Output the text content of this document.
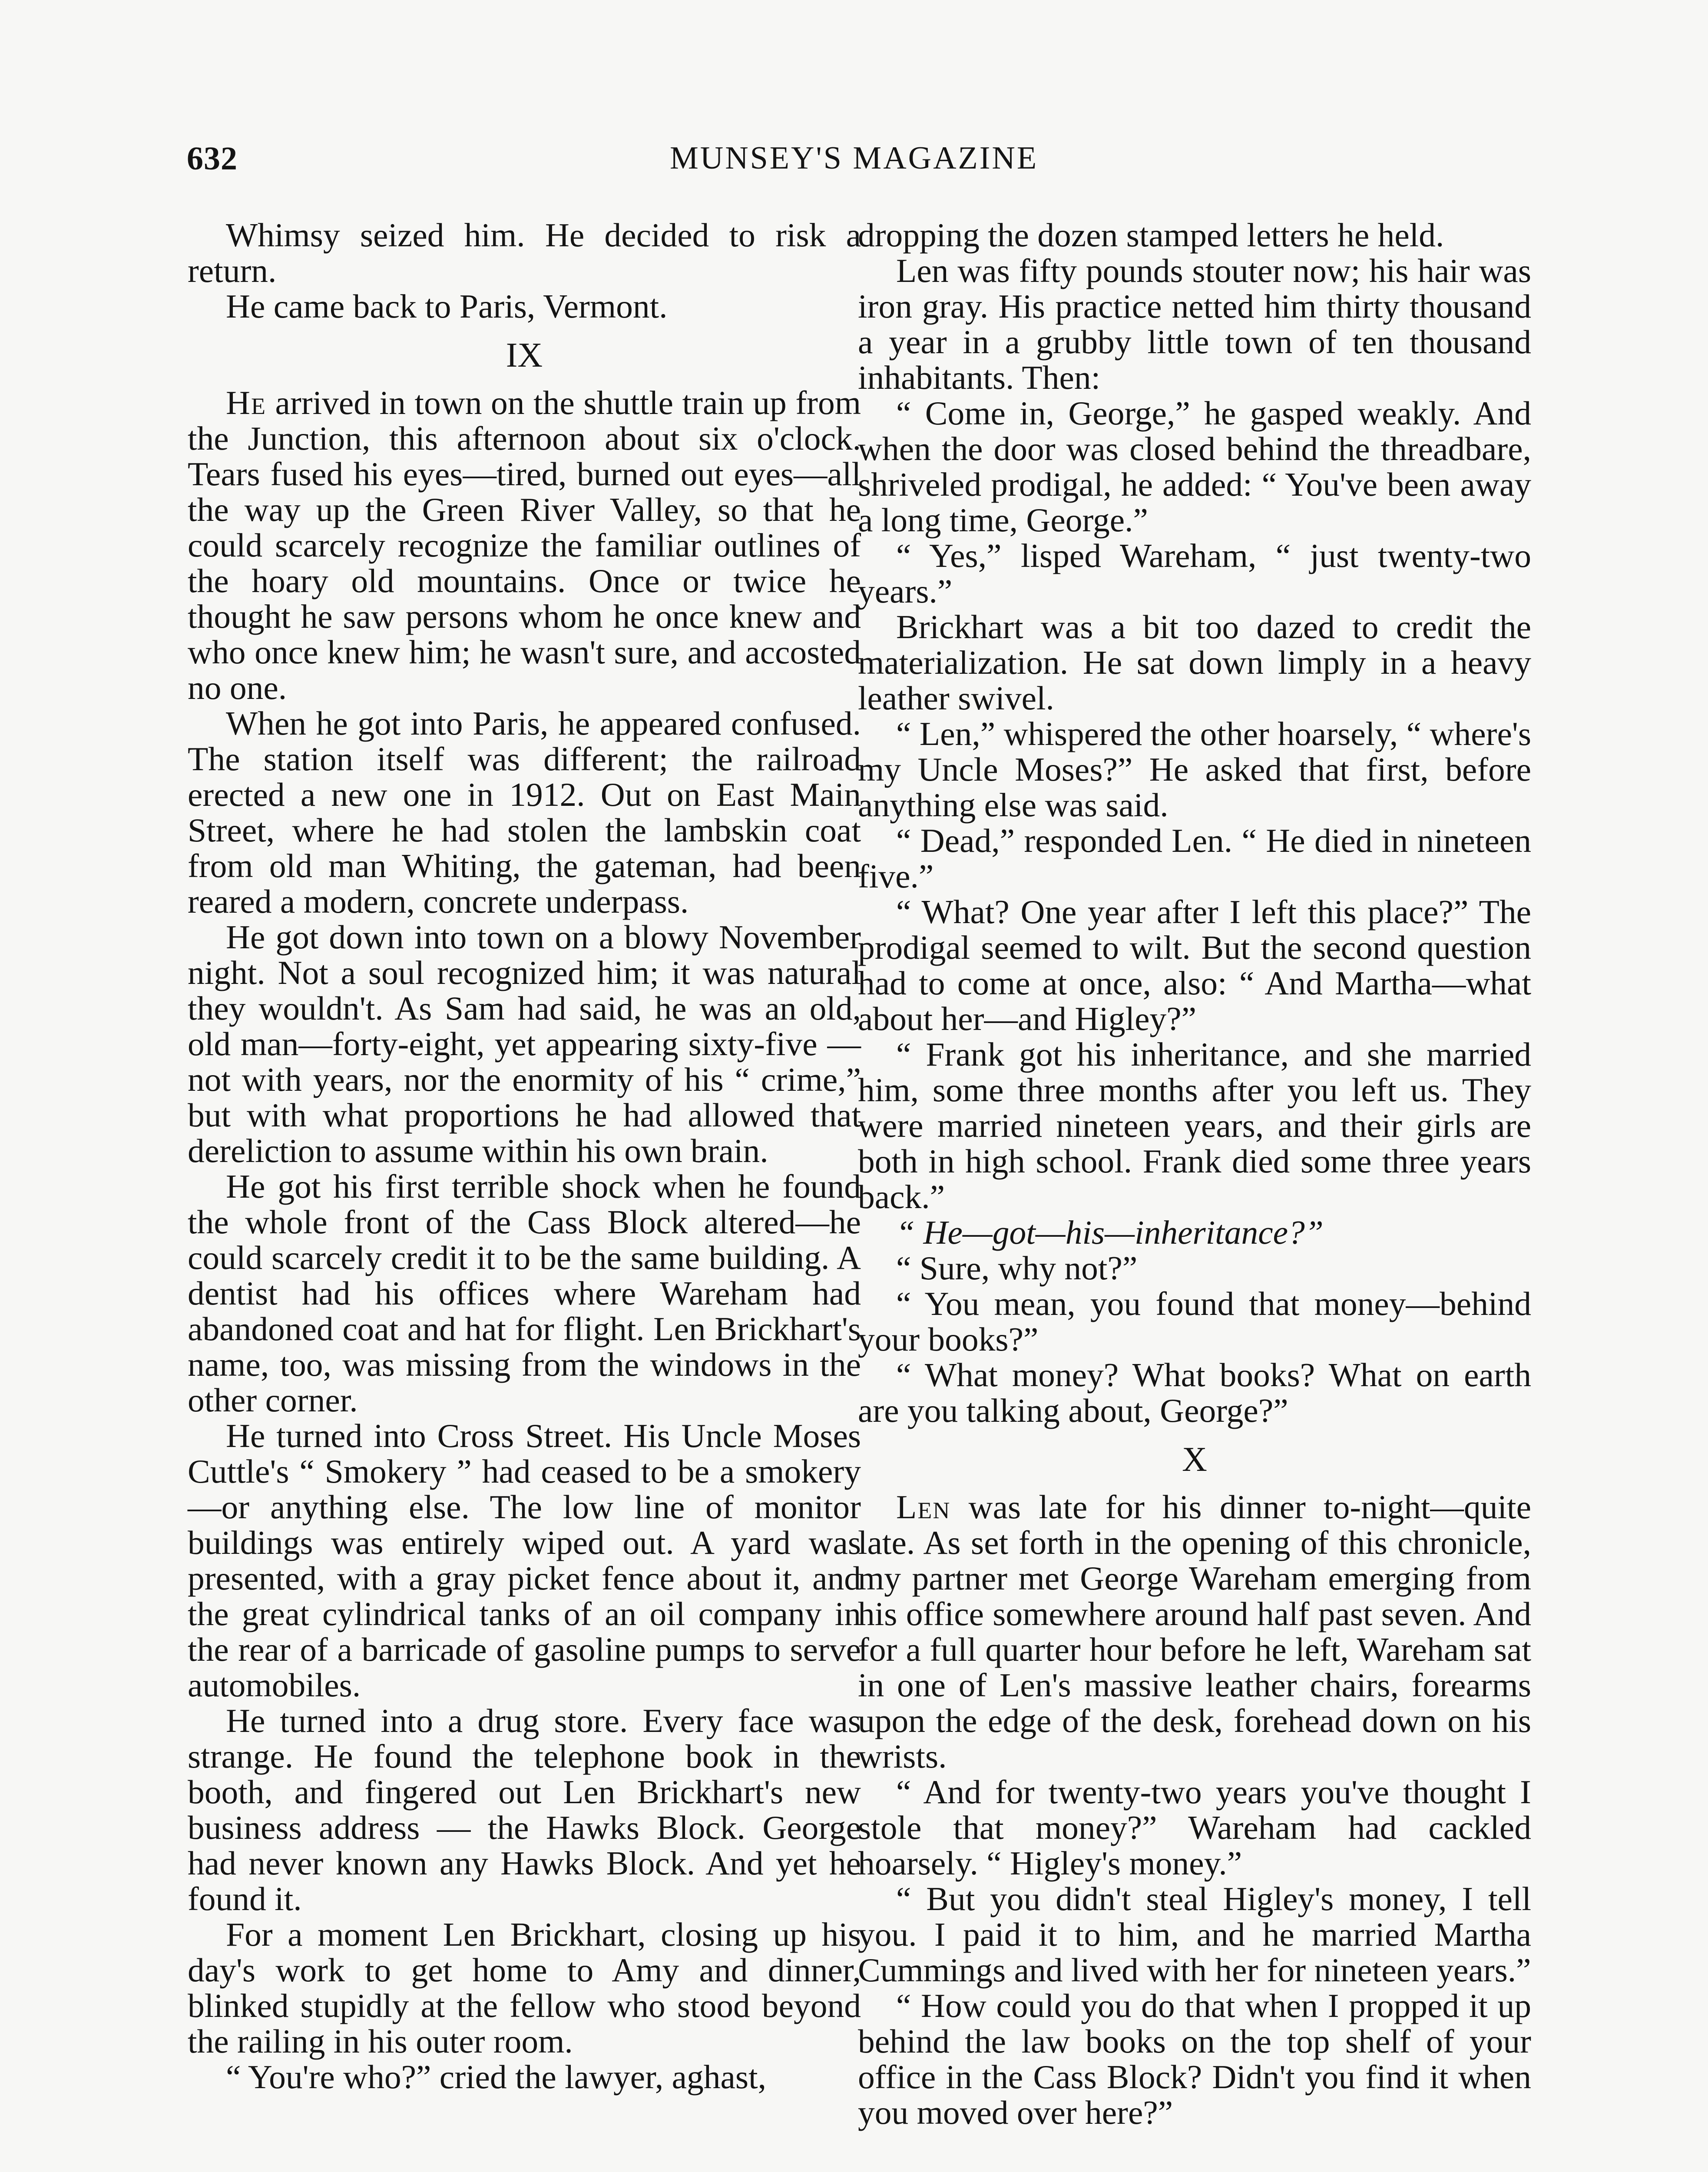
632	MUNSEY'S MAGAZINE

Whimsy seized him. He decided to risk a return.

He came back to Paris, Vermont.

IX

He arrived in town on the shuttle train up from the Junction, this afternoon about six o'clock. Tears fused his eyes—tired, burned out eyes—all the way up the Green River Valley, so that he could scarcely recognize the familiar outlines of the hoary old mountains. Once or twice he thought he saw persons whom he once knew and who once knew him; he wasn't sure, and accosted no one.

When he got into Paris, he appeared confused. The station itself was different; the railroad erected a new one in 1912. Out on East Main Street, where he had stolen the lambskin coat from old man Whiting, the gateman, had been reared a modern, concrete underpass.

He got down into town on a blowy November night. Not a soul recognized him; it was natural they wouldn't. As Sam had said, he was an old, old man—forty-eight, yet appearing sixty-five — not with years, nor the enormity of his “ crime,” but with what proportions he had allowed that dereliction to assume within his own brain.

He got his first terrible shock when he found the whole front of the Cass Block altered—he could scarcely credit it to be the same building. A dentist had his offices where Wareham had abandoned coat and hat for flight. Len Brickhart's name, too, was missing from the windows in the other corner.

He turned into Cross Street. His Uncle Moses Cuttle's “ Smokery ” had ceased to be a smokery—or anything else. The low line of monitor buildings was entirely wiped out. A yard was presented, with a gray picket fence about it, and the great cylindrical tanks of an oil company in the rear of a barricade of gasoline pumps to serve automobiles.

He turned into a drug store. Every face was strange. He found the telephone book in the booth, and fingered out Len Brickhart's new business address — the Hawks Block. George had never known any Hawks Block. And yet he found it.

For a moment Len Brickhart, closing up his day's work to get home to Amy and dinner, blinked stupidly at the fellow who stood beyond the railing in his outer room.

“ You're who?” cried the lawyer, aghast,

dropping the dozen stamped letters he held.

Len was fifty pounds stouter now; his hair was iron gray. His practice netted him thirty thousand a year in a grubby little town of ten thousand inhabitants. Then:

“ Come in, George,” he gasped weakly. And when the door was closed behind the threadbare, shriveled prodigal, he added: “ You've been away a long time, George.”

“ Yes,” lisped Wareham, “ just twenty-two years.”

Brickhart was a bit too dazed to credit the materialization. He sat down limply in a heavy leather swivel.

“ Len,” whispered the other hoarsely, “ where's my Uncle Moses?” He asked that first, before anything else was said.

“ Dead,” responded Len. “ He died in nineteen five.”

“ What? One year after I left this place?” The prodigal seemed to wilt. But the second question had to come at once, also: “ And Martha—what about her—and Higley?”

“ Frank got his inheritance, and she married him, some three months after you left us. They were married nineteen years, and their girls are both in high school. Frank died some three years back.”

“ He—got—his—inheritance?”

“ Sure, why not?”

“ You mean, you found that money—behind your books?”

“ What money? What books? What on earth are you talking about, George?”

X

Len was late for his dinner to-night—quite late. As set forth in the opening of this chronicle, my partner met George Wareham emerging from his office somewhere around half past seven. And for a full quarter hour before he left, Wareham sat in one of Len's massive leather chairs, forearms upon the edge of the desk, forehead down on his wrists.

“ And for twenty-two years you've thought I stole that money?” Wareham had cackled hoarsely. “ Higley's money.”

“ But you didn't steal Higley's money, I tell you. I paid it to him, and he married Martha Cummings and lived with her for nineteen years.”

“ How could you do that when I propped it up behind the law books on the top shelf of your office in the Cass Block? Didn't you find it when you moved over here?”
